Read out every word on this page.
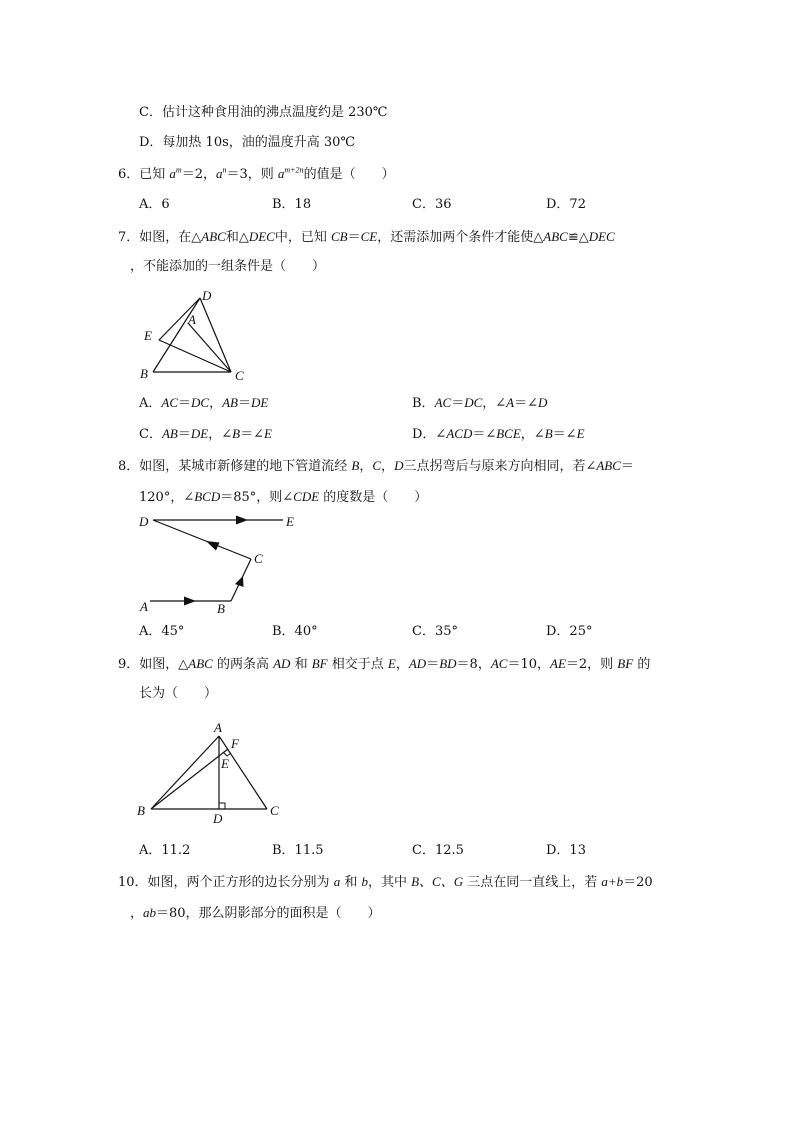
C．估计这种食用油的沸点温度约是 230℃
D．每加热 10s，油的温度升高 30℃
6．已知 $a^m=2$，$a^n=3$，则 $a^{m+2n}$的值是（　　）
A．6	B．18	C．36	D．72
7．如图，在△ABC和△DEC中，已知 CB＝CE，还需添加两个条件才能使△ABC≌△DEC
，不能添加的一组条件是（　　）
D
A
E
B	C
A．AC＝DC，AB＝DE	B．AC＝DC，∠A＝∠D
C．AB＝DE，∠B＝∠E	D．∠ACD＝∠BCE，∠B＝∠E
8．如图，某城市新修建的地下管道流经 B，C，D三点拐弯后与原来方向相同，若∠ABC＝
120°，∠BCD＝85°，则∠CDE 的度数是（　　）
D	E
C
A	B
A．45°	B．40°	C．35°	D．25°
9．如图，△ABC 的两条高 AD 和 BF 相交于点 E，AD＝BD＝8，AC＝10，AE＝2，则 BF 的
长为（　　）
A
F
E
B
D
C
A．11.2	B．11.5	C．12.5	D．13
10．如图，两个正方形的边长分别为 a 和 b，其中 B、C、G 三点在同一直线上，若 a+b＝20
，ab＝80，那么阴影部分的面积是（　　）
